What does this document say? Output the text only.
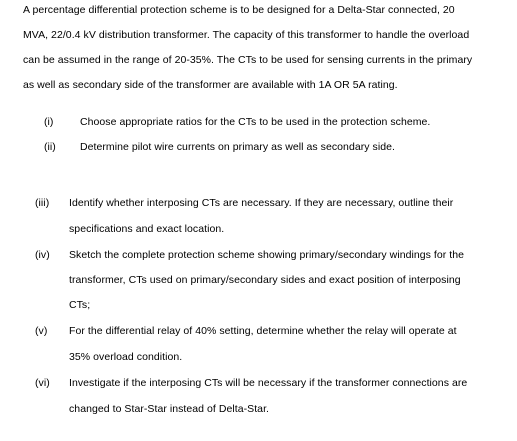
A percentage differential protection scheme is to be designed for a Delta-Star connected, 20
MVA, 22/0.4 kV distribution transformer. The capacity of this transformer to handle the overload
can be assumed in the range of 20-35%. The CTs to be used for sensing currents in the primary
as well as secondary side of the transformer are available with 1A OR 5A rating.
(i)	Choose appropriate ratios for the CTs to be used in the protection scheme.
(ii) Determine pilot wire currents on primary as well as secondary side.
(iii) Identify whether interposing CTs are necessary. If they are necessary, outline their
specifications and exact location.
(iv) Sketch the complete protection scheme showing primary/secondary windings for the
transformer, CTs used on primary/secondary sides and exact position of interposing
CTs;
(v) For the differential relay of 40% setting, determine whether the relay will operate at
35% overload condition.
(vi) Investigate if the interposing CTs will be necessary if the transformer connections are
changed to Star-Star instead of Delta-Star.
